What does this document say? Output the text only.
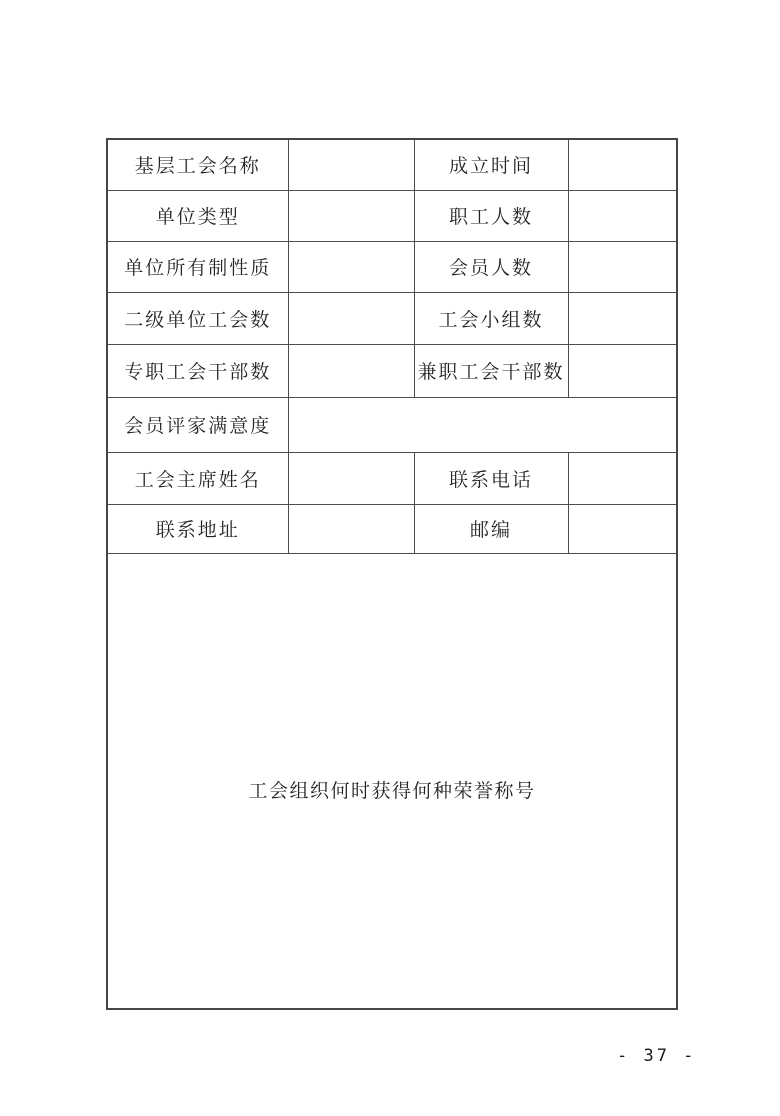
基层工会名称		成立时间	
单位类型		职工人数	
单位所有制性质		会员人数	
二级单位工会数		工会小组数	
专职工会干部数		兼职工会干部数	
会员评家满意度			
工会主席姓名		联系电话	
联系地址		邮编	

工会组织何时获得何种荣誉称号			
- 37 -
